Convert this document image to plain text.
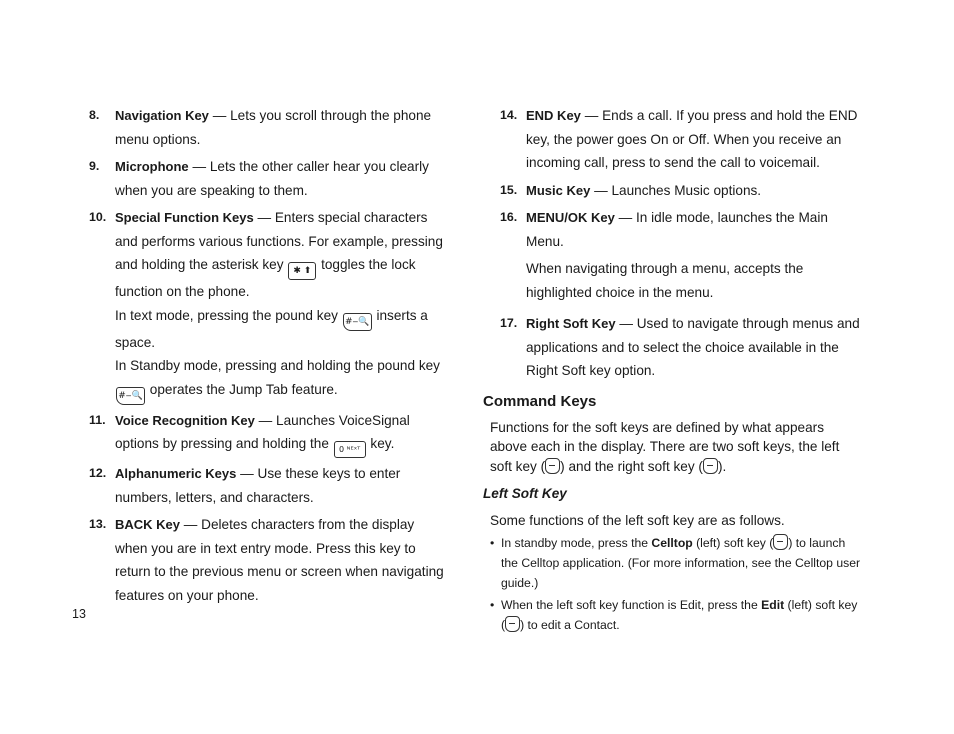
8. Navigation Key — Lets you scroll through the phone menu options.
9. Microphone — Lets the other caller hear you clearly when you are speaking to them.
10. Special Function Keys — Enters special characters and performs various functions. For example, pressing and holding the asterisk key ✱ ⬆ toggles the lock function on the phone.

In text mode, pressing the pound key #‒🔍 inserts a space.

In Standby mode, pressing and holding the pound key #‒🔍 operates the Jump Tab feature.

11. Voice Recognition Key — Launches VoiceSignal options by pressing and holding the 0 ᴺᴱˣᵀ key.
12. Alphanumeric Keys — Use these keys to enter numbers, letters, and characters.
13. BACK Key — Deletes characters from the display when you are in text entry mode. Press this key to return to the previous menu or screen when navigating features on your phone.
14. END Key — Ends a call. If you press and hold the END key, the power goes On or Off. When you receive an incoming call, press to send the call to voicemail.
15. Music Key — Launches Music options.
16. MENU/OK Key — In idle mode, launches the Main Menu.

When navigating through a menu, accepts the highlighted choice in the menu.

17. Right Soft Key — Used to navigate through menus and applications and to select the choice available in the Right Soft key option.
Command Keys
Functions for the soft keys are defined by what appears above each in the display. There are two soft keys, the left soft key ( ) and the right soft key ( ).
Left Soft Key
Some functions of the left soft key are as follows.
• In standby mode, press the Celltop (left) soft key ( ) to launch the Celltop application. (For more information, see the Celltop user guide.)
• When the left soft key function is Edit, press the Edit (left) soft key ( ) to edit a Contact.
13
